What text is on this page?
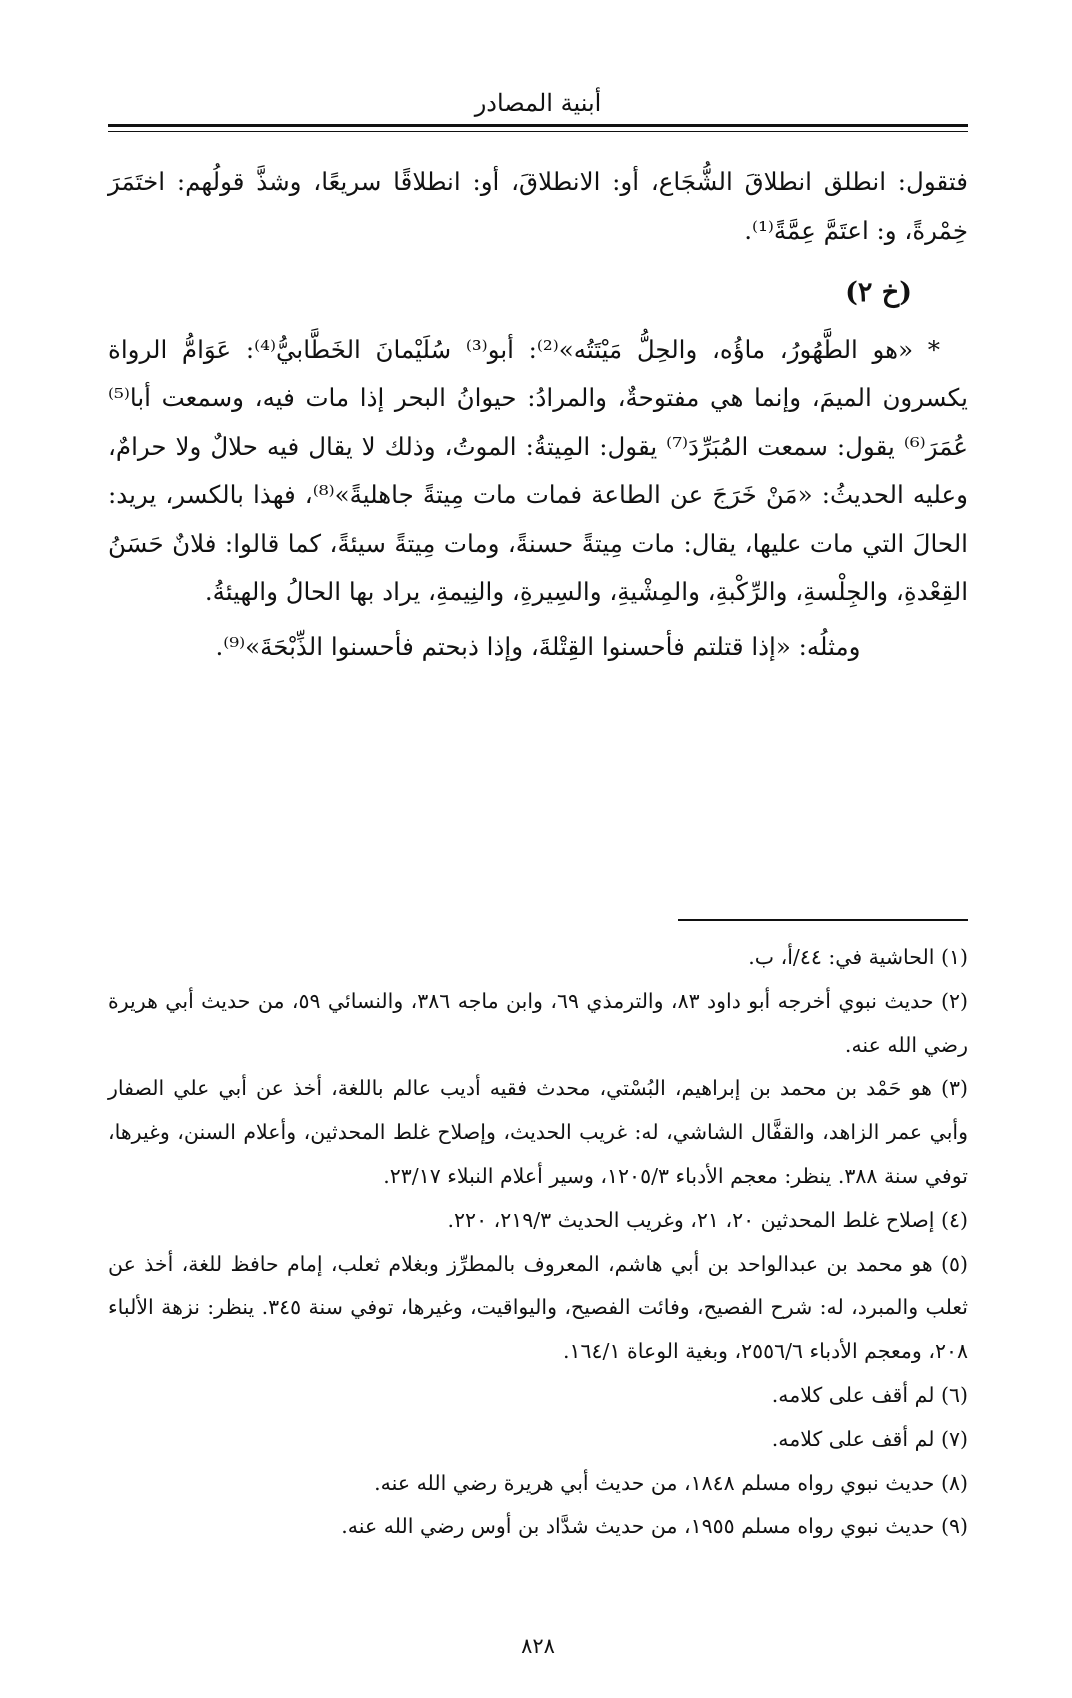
أبنية المصادر

فتقول: انطلق انطلاقَ الشُّجَاع، أو: الانطلاقَ، أو: انطلاقًا سريعًا، وشذَّ قولُهم: اختَمَرَ خِمْرةً، و: اعتَمَّ عِمَّةً⁽¹⁾.

(خ ٢)

* «هو الطَّهُورُ، ماؤُه، والحِلُّ مَيْتَتُه»⁽²⁾: أبو⁽³⁾ سُلَيْمانَ الخَطَّابيُّ⁽⁴⁾: عَوَامُّ الرواة يكسرون الميمَ، وإنما هي مفتوحةٌ، والمرادُ: حيوانُ البحر إذا مات فيه، وسمعت أبا⁽⁵⁾ عُمَرَ⁽⁶⁾ يقول: سمعت المُبَرِّدَ⁽⁷⁾ يقول: المِيتةُ: الموتُ، وذلك لا يقال فيه حلالٌ ولا حرامٌ، وعليه الحديثُ: «مَنْ خَرَجَ عن الطاعة فمات مات مِيتةً جاهليةً»⁽⁸⁾، فهذا بالكسر، يريد: الحالَ التي مات عليها، يقال: مات مِيتةً حسنةً، ومات مِيتةً سيئةً، كما قالوا: فلانٌ حَسَنُ القِعْدةِ، والجِلْسةِ، والرِّكْبةِ، والمِشْيةِ، والسِيرةِ، والنِيمةِ، يراد بها الحالُ والهيئةُ.

ومثلُه: «إذا قتلتم فأحسنوا القِتْلةَ، وإذا ذبحتم فأحسنوا الذِّبْحَةَ»⁽⁹⁾.

(١) الحاشية في: ٤٤/أ، ب.

(٢) حديث نبوي أخرجه أبو داود ٨٣، والترمذي ٦٩، وابن ماجه ٣٨٦، والنسائي ٥٩، من حديث أبي هريرة رضي الله عنه.

(٣) هو حَمْد بن محمد بن إبراهيم، البُسْتي، محدث فقيه أديب عالم باللغة، أخذ عن أبي علي الصفار وأبي عمر الزاهد، والقفَّال الشاشي، له: غريب الحديث، وإصلاح غلط المحدثين، وأعلام السنن، وغيرها، توفي سنة ٣٨٨. ينظر: معجم الأدباء ١٢٠٥/٣، وسير أعلام النبلاء ٢٣/١٧.

(٤) إصلاح غلط المحدثين ٢٠، ٢١، وغريب الحديث ٢١٩/٣، ٢٢٠.

(٥) هو محمد بن عبدالواحد بن أبي هاشم، المعروف بالمطرِّز وبغلام ثعلب، إمام حافظ للغة، أخذ عن ثعلب والمبرد، له: شرح الفصيح، وفائت الفصيح، واليواقيت، وغيرها، توفي سنة ٣٤٥. ينظر: نزهة الألباء ٢٠٨، ومعجم الأدباء ٢٥٥٦/٦، وبغية الوعاة ١٦٤/١.

(٦) لم أقف على كلامه.

(٧) لم أقف على كلامه.

(٨) حديث نبوي رواه مسلم ١٨٤٨، من حديث أبي هريرة رضي الله عنه.

(٩) حديث نبوي رواه مسلم ١٩٥٥، من حديث شدَّاد بن أوس رضي الله عنه.

٨٢٨
